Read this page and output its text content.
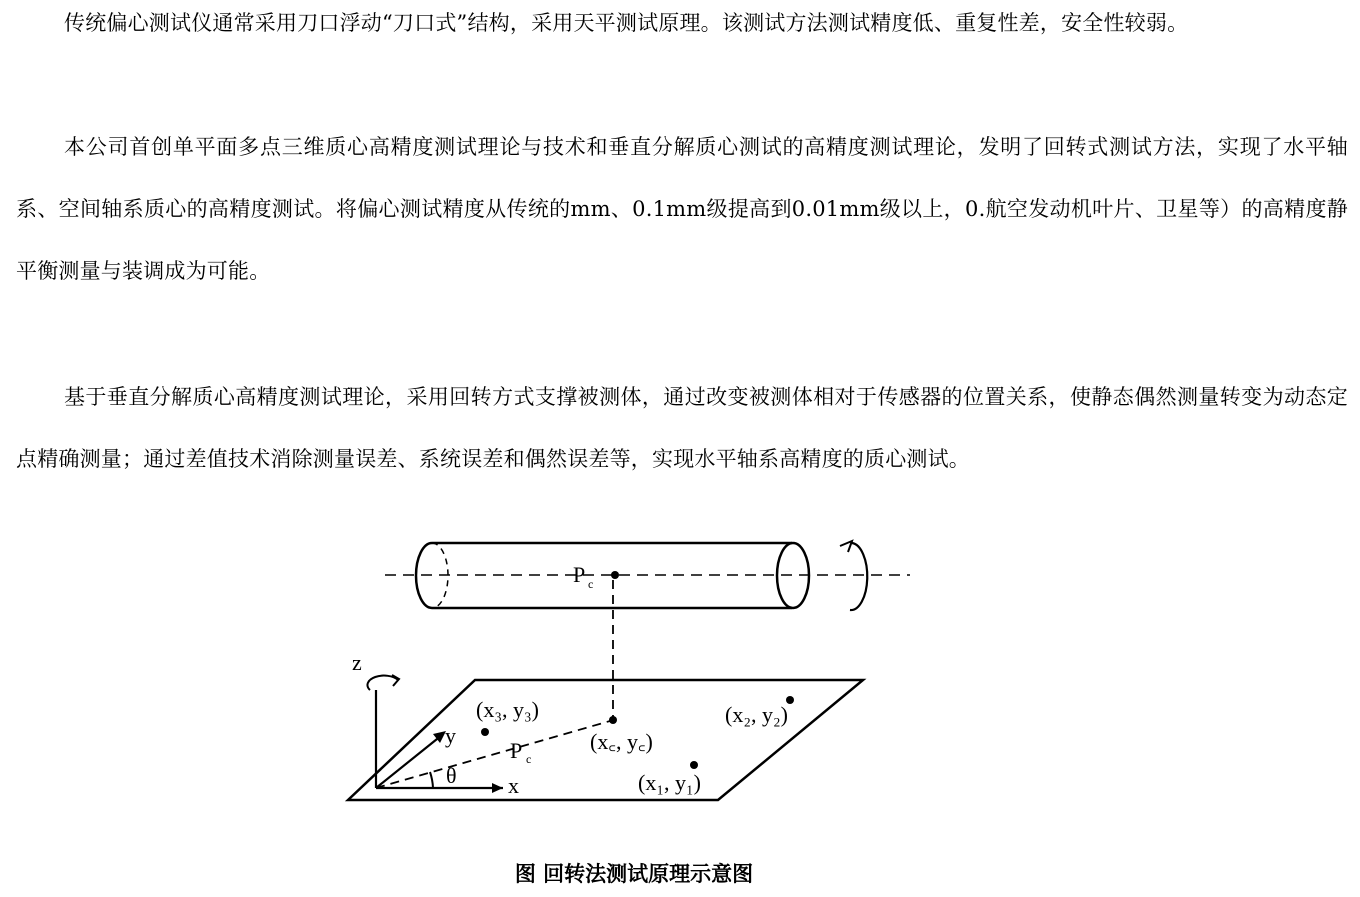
传统偏心测试仪通常采用刀口浮动“刀口式”结构，采用天平测试原理。该测试方法测试精度低、重复性差，安全性较弱。

本公司首创单平面多点三维质心高精度测试理论与技术和垂直分解质心测试的高精度测试理论，发明了回转式测试方法，实现了水平轴系、空间轴系质心的高精度测试。将偏心测试精度从传统的mm、0.1mm级提高到0.01mm级以上，0.航空发动机叶片、卫星等）的高精度静平衡测量与装调成为可能。

基于垂直分解质心高精度测试理论，采用回转方式支撑被测体，通过改变被测体相对于传感器的位置关系，使静态偶然测量转变为动态定点精确测量；通过差值技术消除测量误差、系统误差和偶然误差等，实现水平轴系高精度的质心测试。

P c
z
y
x
P c
θ
(x₃, y₃)
(x꜀, y꜀)
(x₂, y₂)
(x₁, y₁)
图 回转法测试原理示意图
